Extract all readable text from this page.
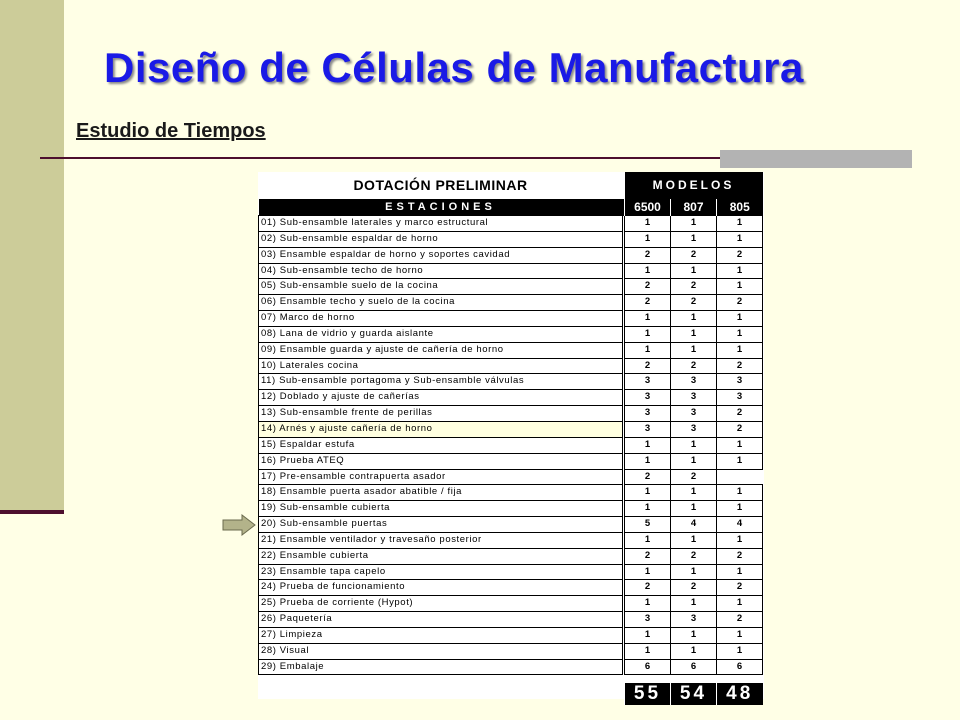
Diseño de Células de Manufactura
Estudio de Tiempos
DOTACIÓN PRELIMINAR		MODELOS		
ESTACIONES		6500	807	805
01) Sub-ensamble laterales y marco estructural		1	1	1
02) Sub-ensamble espaldar de horno		1	1	1
03) Ensamble espaldar de horno y soportes cavidad		2	2	2
04) Sub-ensamble techo de horno		1	1	1
05) Sub-ensamble suelo de la cocina		2	2	1
06) Ensamble techo y suelo de la cocina		2	2	2
07) Marco de horno		1	1	1
08) Lana de vidrio y guarda aislante		1	1	1
09) Ensamble guarda y ajuste de cañería de horno		1	1	1
10) Laterales cocina		2	2	2
11) Sub-ensamble portagoma y Sub-ensamble válvulas		3	3	3
12) Doblado y ajuste de cañerías		3	3	3
13) Sub-ensamble frente de perillas		3	3	2
14) Arnés y ajuste cañería de horno		3	3	2
15) Espaldar estufa		1	1	1
16) Prueba ATEQ		1	1	1
17) Pre-ensamble contrapuerta asador		2	2	
18) Ensamble puerta asador abatible / fija		1	1	1
19) Sub-ensamble cubierta		1	1	1
20) Sub-ensamble puertas		5	4	4
21) Ensamble ventilador y travesaño posterior		1	1	1
22) Ensamble cubierta		2	2	2
23) Ensamble tapa capelo		1	1	1
24) Prueba de funcionamiento		2	2	2
25) Prueba de corriente (Hypot)		1	1	1
26) Paquetería		3	3	2
27) Limpieza		1	1	1
28) Visual		1	1	1
29) Embalaje		6	6	6

		55	54	48
